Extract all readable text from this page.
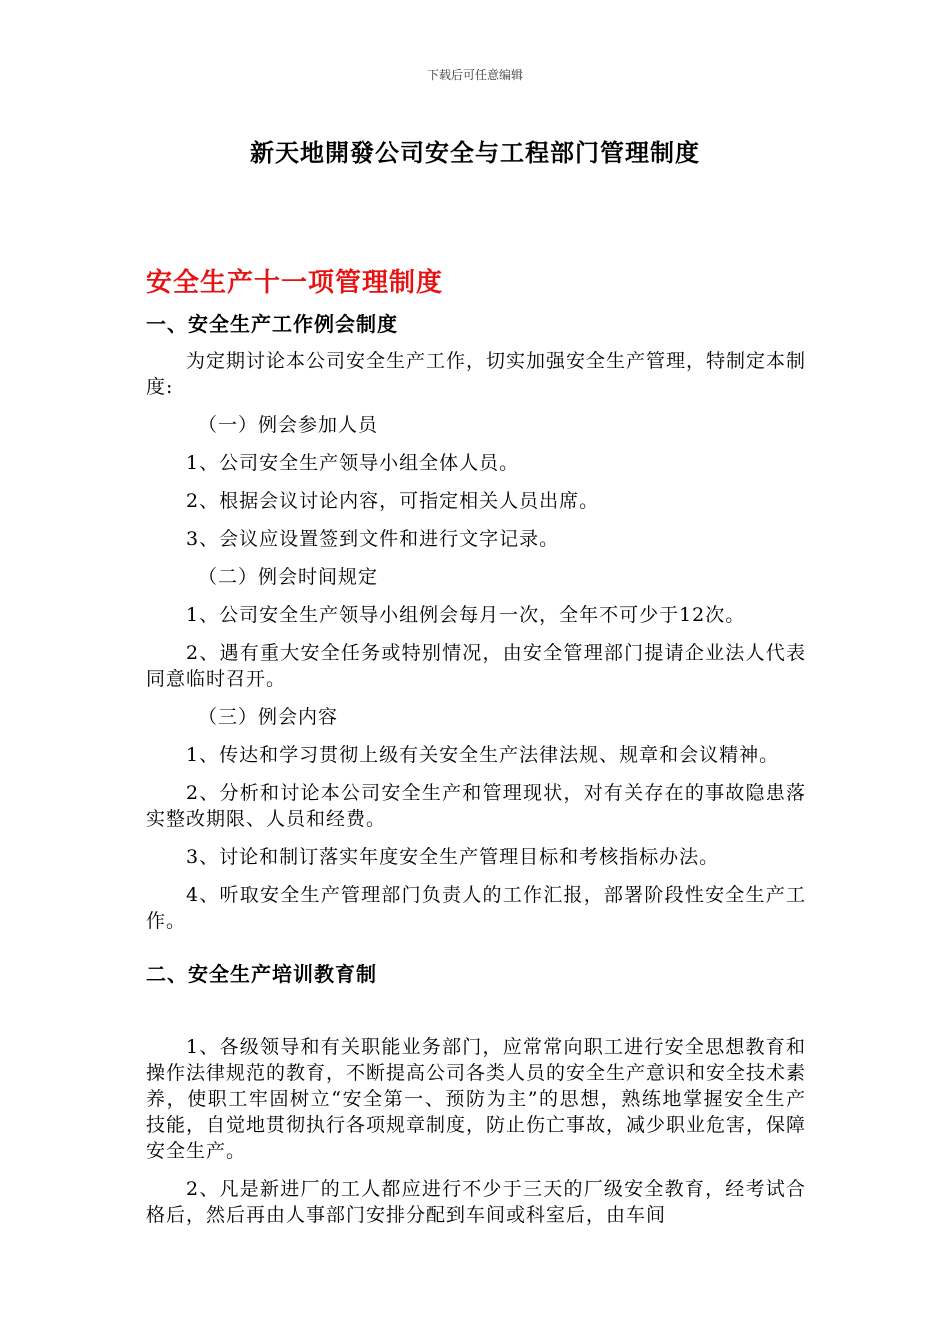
下载后可任意编辑
新天地開發公司安全与工程部门管理制度
安全生产十一项管理制度
一、安全生产工作例会制度

为定期讨论本公司安全生产工作，切实加强安全生产管理，特制定本制度:

（一）例会参加人员

1、公司安全生产领导小组全体人员。

2、根据会议讨论内容，可指定相关人员出席。

3、会议应设置签到文件和进行文字记录。

（二）例会时间规定

1、公司安全生产领导小组例会每月一次，全年不可少于12次。

2、遇有重大安全任务或特别情况，由安全管理部门提请企业法人代表同意临时召开。

（三）例会内容

1、传达和学习贯彻上级有关安全生产法律法规、规章和会议精神。

2、分析和讨论本公司安全生产和管理现状，对有关存在的事故隐患落实整改期限、人员和经费。

3、讨论和制订落实年度安全生产管理目标和考核指标办法。

4、听取安全生产管理部门负责人的工作汇报，部署阶段性安全生产工作。

二、安全生产培训教育制

1、各级领导和有关职能业务部门，应常常向职工进行安全思想教育和操作法律规范的教育，不断提高公司各类人员的安全生产意识和安全技术素养，使职工牢固树立“安全第一、预防为主”的思想，熟练地掌握安全生产技能，自觉地贯彻执行各项规章制度，防止伤亡事故，减少职业危害，保障安全生产。

2、凡是新进厂的工人都应进行不少于三天的厂级安全教育，经考试合格后，然后再由人事部门安排分配到车间或科室后，由车间
